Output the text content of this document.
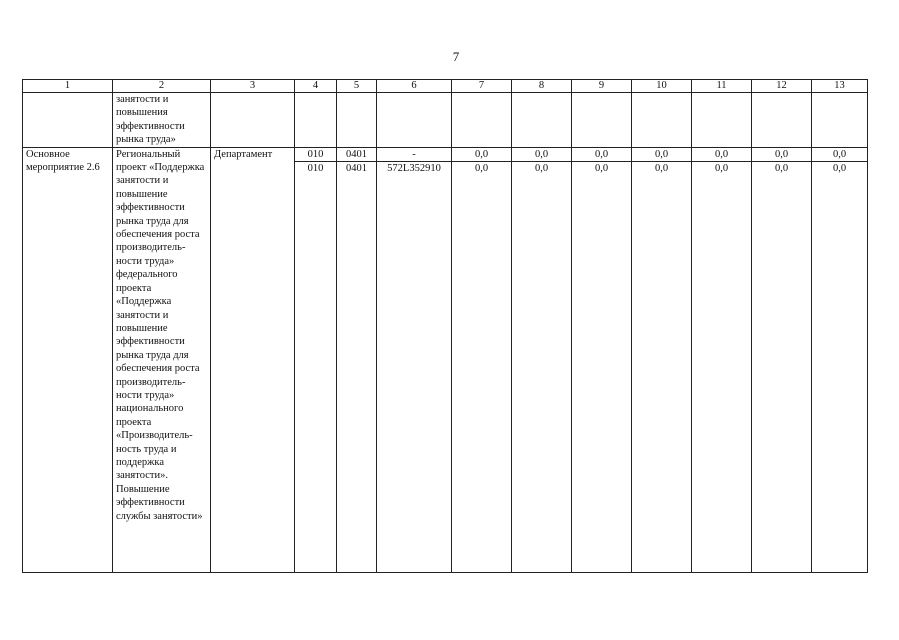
7
1	2	3	4	5	6	7	8	9	10	11	12	13
	занятости и повышения эффективности рынка труда»											
Основное мероприятие 2.6	Региональный проект «Поддержка занятости и повышение эффективности рынка труда для обеспечения роста производитель-ности труда» федерального проекта «Поддержка занятости и повышение эффективности рынка труда для обеспечения роста производитель-ности труда» национального проекта «Производитель-ность труда и поддержка занятости». Повышение эффективности службы занятости»	Департамент	010	0401	-	0,0	0,0	0,0	0,0	0,0	0,0	0,0
			010	0401	572L352910	0,0	0,0	0,0	0,0	0,0	0,0	0,0
